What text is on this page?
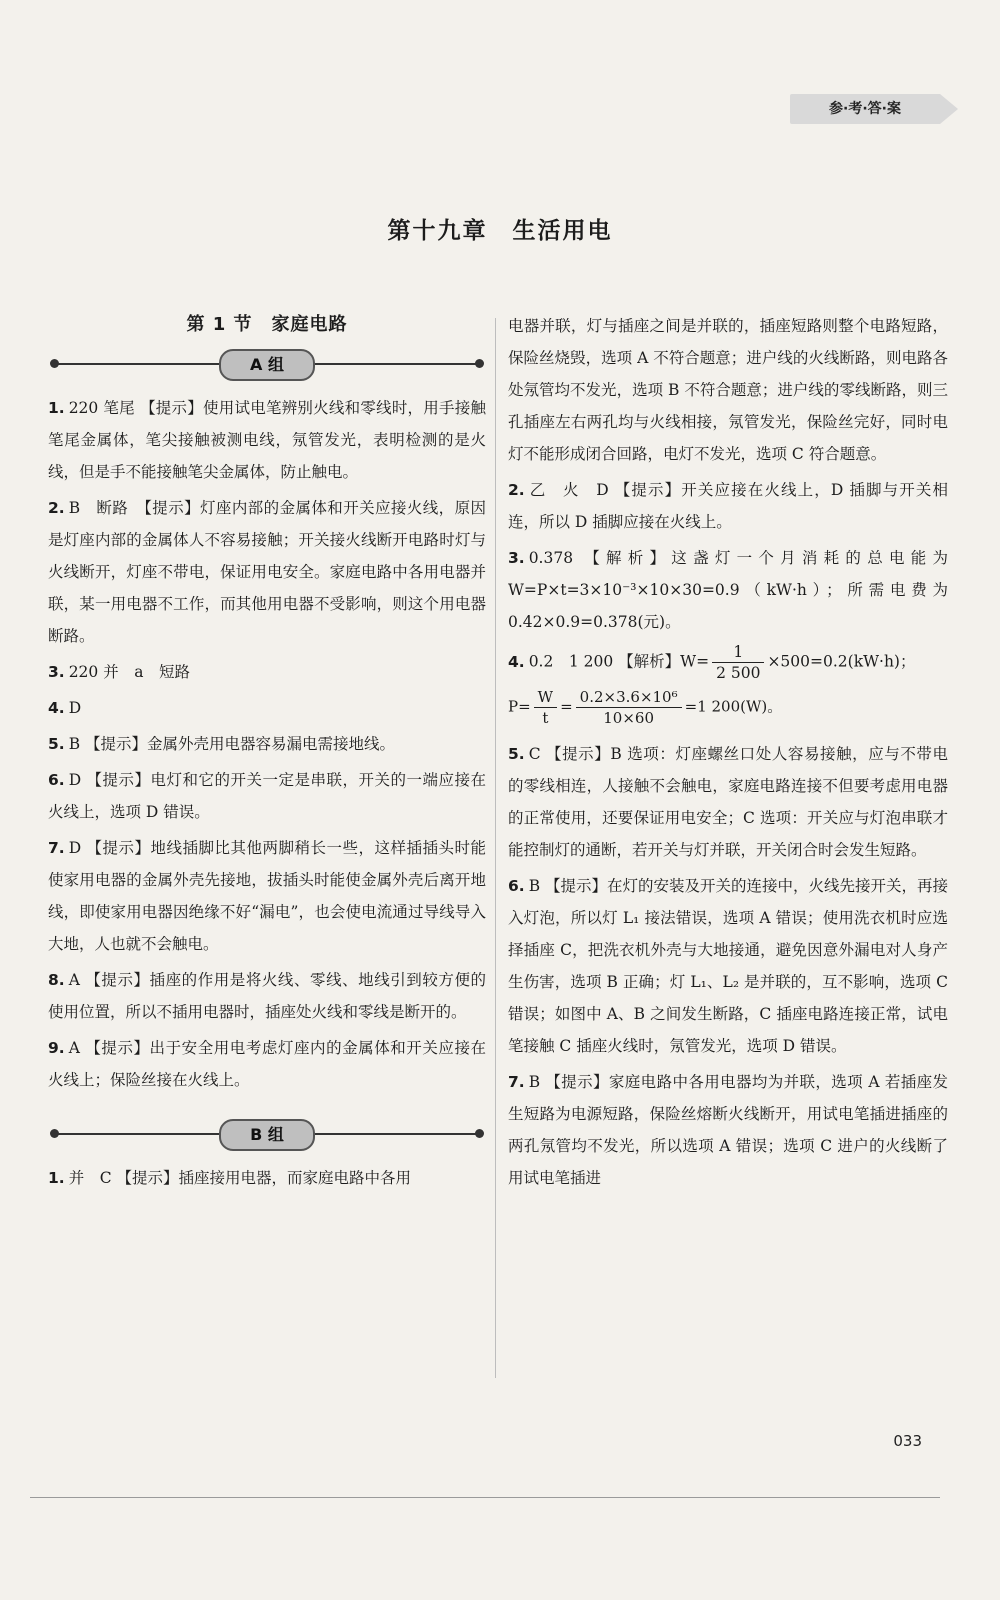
参·考·答·案
第十九章　生活用电
第 1 节　家庭电路
A 组
1. 220 笔尾 【提示】使用试电笔辨别火线和零线时，用手接触笔尾金属体，笔尖接触被测电线，氖管发光，表明检测的是火线，但是手不能接触笔尖金属体，防止触电。
2. B　断路　【提示】灯座内部的金属体和开关应接火线，原因是灯座内部的金属体人不容易接触；开关接火线断开电路时灯与火线断开，灯座不带电，保证用电安全。家庭电路中各用电器并联，某一用电器不工作，而其他用电器不受影响，则这个用电器断路。
3. 220 并　a　短路
4. D
5. B 【提示】金属外壳用电器容易漏电需接地线。
6. D 【提示】电灯和它的开关一定是串联，开关的一端应接在火线上，选项 D 错误。
7. D 【提示】地线插脚比其他两脚稍长一些，这样插插头时能使家用电器的金属外壳先接地，拔插头时能使金属外壳后离开地线，即使家用电器因绝缘不好“漏电”，也会使电流通过导线导入大地，人也就不会触电。
8. A 【提示】插座的作用是将火线、零线、地线引到较方便的使用位置，所以不插用电器时，插座处火线和零线是断开的。
9. A 【提示】出于安全用电考虑灯座内的金属体和开关应接在火线上；保险丝接在火线上。
B 组
1. 并　C 【提示】插座接用电器，而家庭电路中各用
电器并联，灯与插座之间是并联的，插座短路则整个电路短路，保险丝烧毁，选项 A 不符合题意；进户线的火线断路，则电路各处氖管均不发光，选项 B 不符合题意；进户线的零线断路，则三孔插座左右两孔均与火线相接，氖管发光，保险丝完好，同时电灯不能形成闭合回路，电灯不发光，选项 C 符合题意。
2. 乙　火　D 【提示】开关应接在火线上，D 插脚与开关相连，所以 D 插脚应接在火线上。
3. 0.378 【解析】这盏灯一个月消耗的总电能为 W=P×t=3×10⁻³×10×30=0.9（kW·h）；所需电费为 0.42×0.9=0.378(元)。
4. 0.2　1 200 【解析】$W= \frac{1}{2 500} \times 500=0.2(kW\cdot h)$；
$P= \frac{W}{t} = \frac{\text{0.2×3.6×10⁶}}{10\times 60} =1$ 200(W)。
5. C 【提示】B 选项：灯座螺丝口处人容易接触，应与不带电的零线相连，人接触不会触电，家庭电路连接不但要考虑用电器的正常使用，还要保证用电安全；C 选项：开关应与灯泡串联才能控制灯的通断，若开关与灯并联，开关闭合时会发生短路。
6. B 【提示】在灯的安装及开关的连接中，火线先接开关，再接入灯泡，所以灯 L₁ 接法错误，选项 A 错误；使用洗衣机时应选择插座 C，把洗衣机外壳与大地接通，避免因意外漏电对人身产生伤害，选项 B 正确；灯 L₁、L₂ 是并联的，互不影响，选项 C 错误；如图中 A、B 之间发生断路，C 插座电路连接正常，试电笔接触 C 插座火线时，氖管发光，选项 D 错误。
7. B 【提示】家庭电路中各用电器均为并联，选项 A 若插座发生短路为电源短路，保险丝熔断火线断开，用试电笔插进插座的两孔氖管均不发光，所以选项 A 错误；选项 C 进户的火线断了用试电笔插进
033
